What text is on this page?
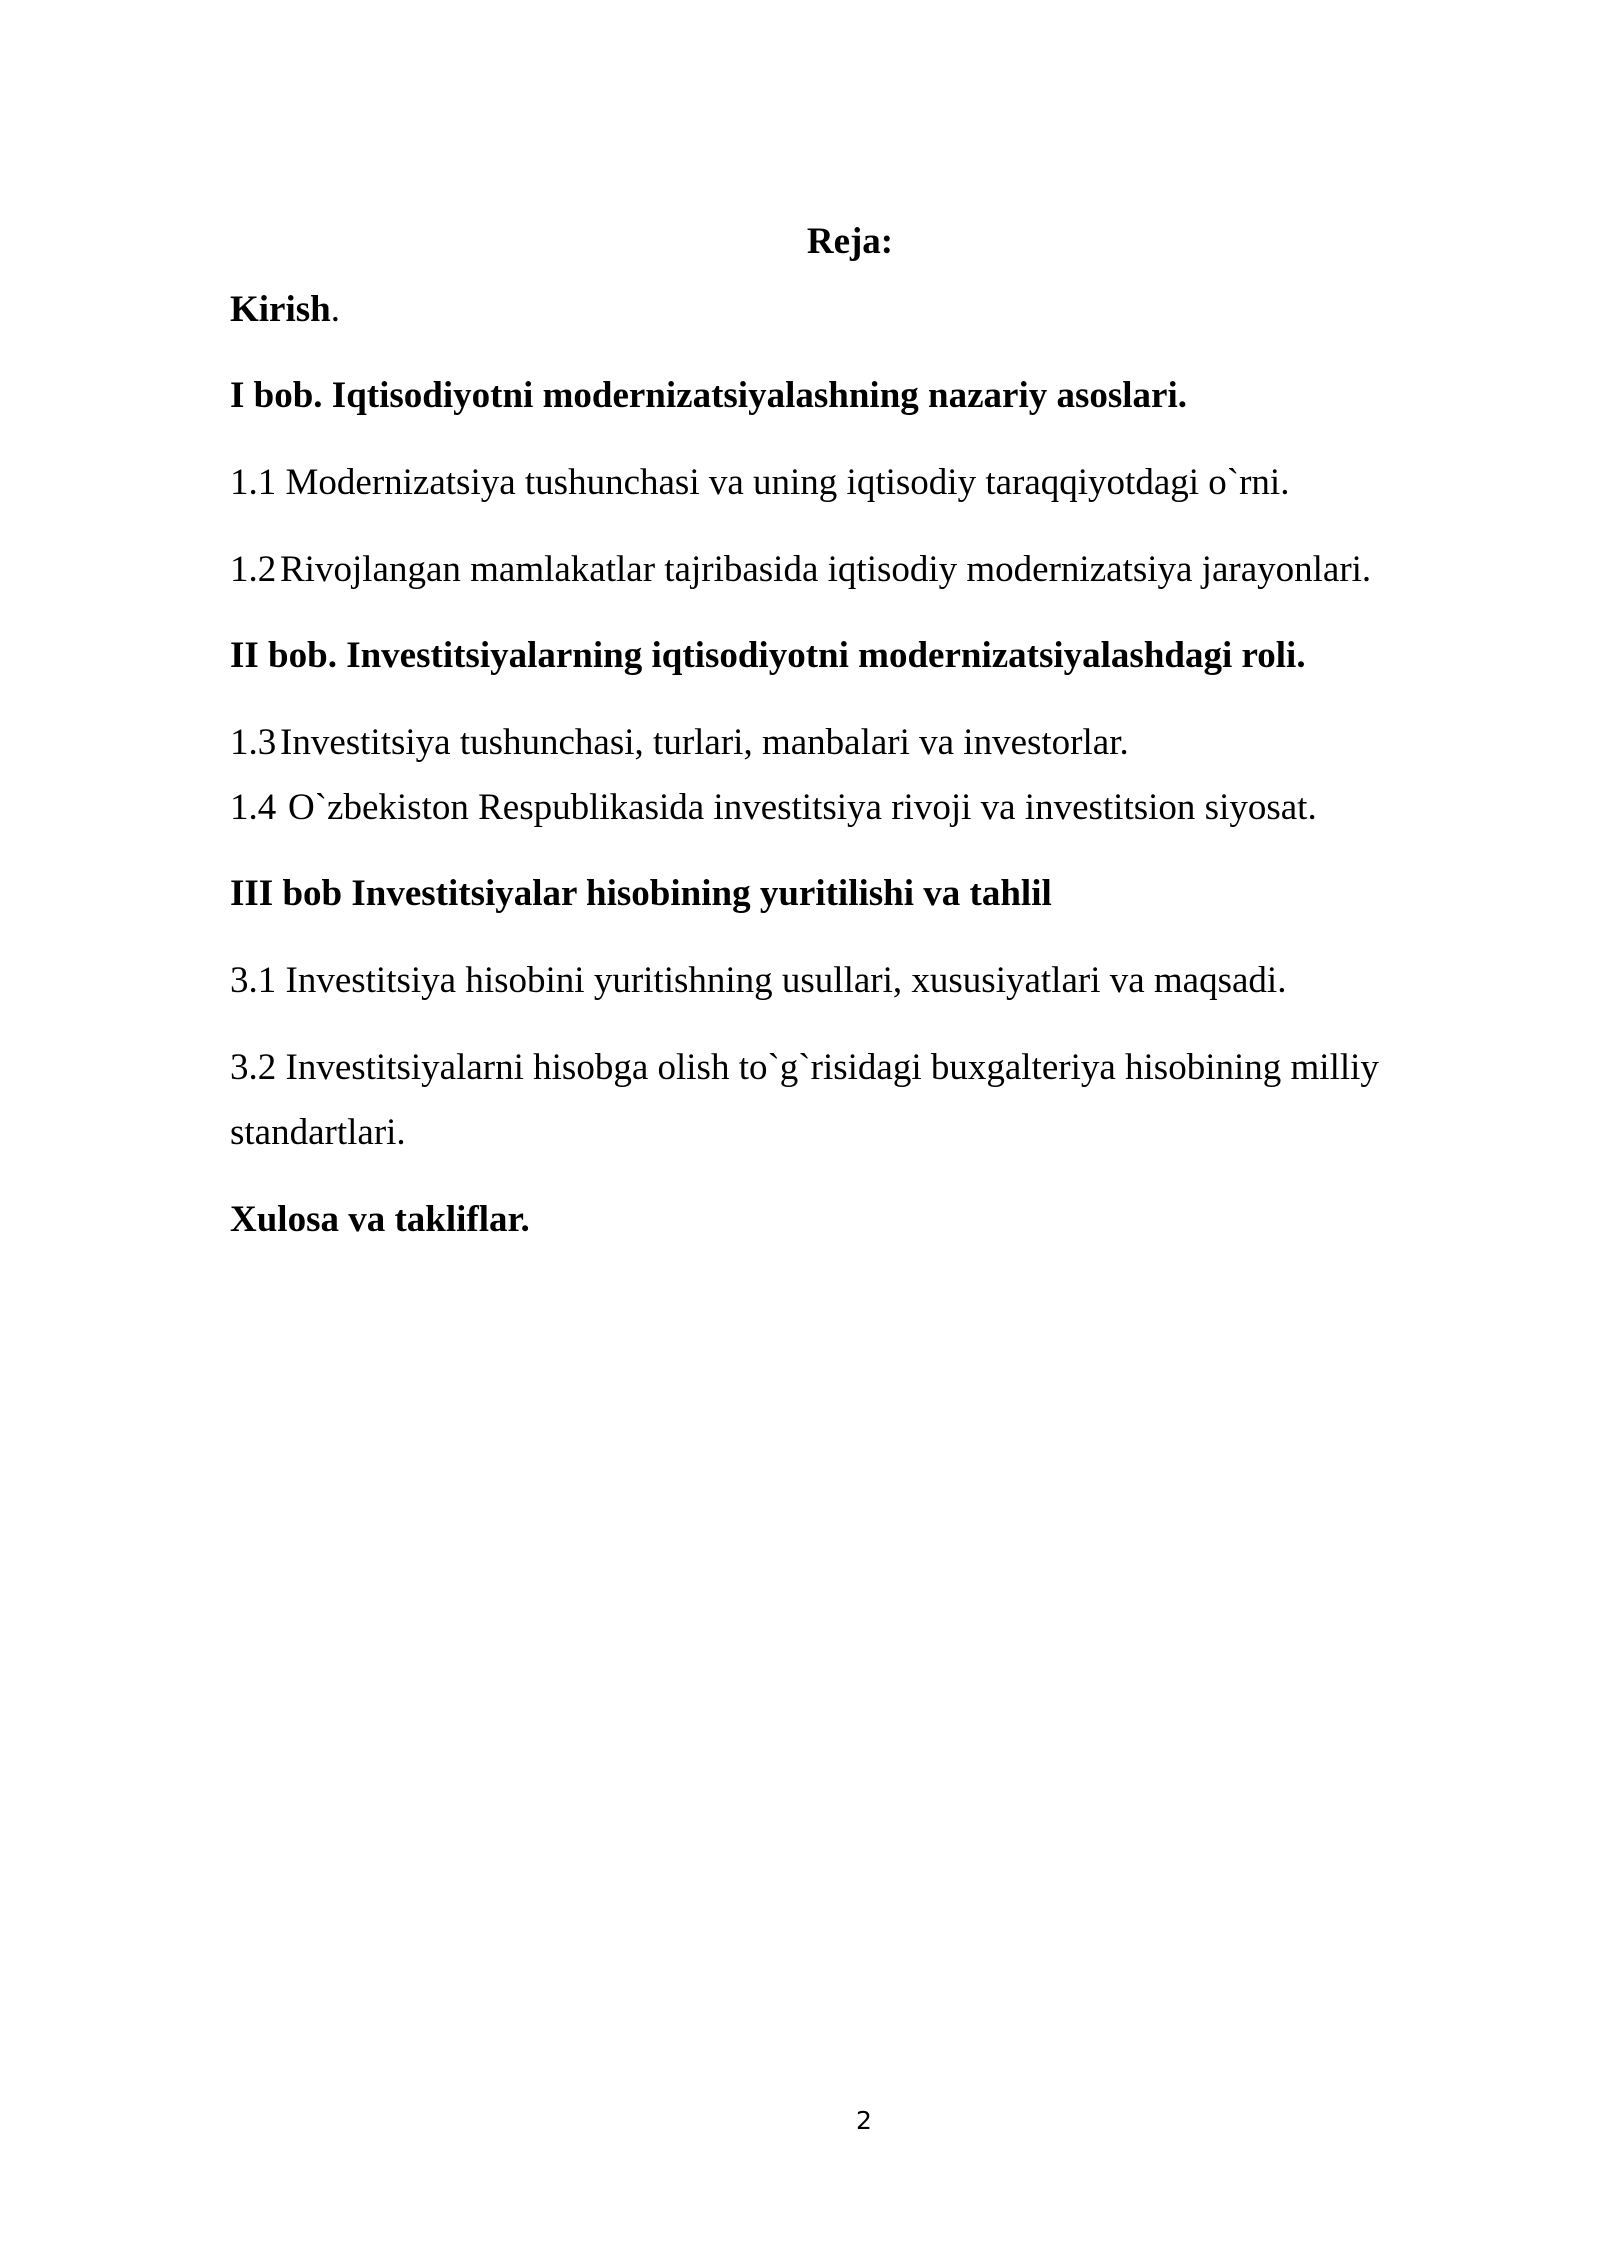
Reja:
Kirish.
I bob. Iqtisodiyotni modernizatsiyalashning nazariy asoslari.
1.1 Modernizatsiya tushunchasi va uning iqtisodiy taraqqiyotdagi o`rni.
1.2 Rivojlangan mamlakatlar tajribasida iqtisodiy modernizatsiya jarayonlari.
II bob. Investitsiyalarning iqtisodiyotni modernizatsiyalashdagi roli.
1.3 Investitsiya tushunchasi, turlari, manbalari va investorlar.
1.4 O`zbekiston Respublikasida investitsiya rivoji va investitsion siyosat.
III bob Investitsiyalar hisobining yuritilishi va tahlil
3.1 Investitsiya hisobini yuritishning usullari, xususiyatlari va maqsadi.
3.2 Investitsiyalarni hisobga olish to`g`risidagi buxgalteriya hisobining milliy
standartlari.
Xulosa va takliflar.
2
